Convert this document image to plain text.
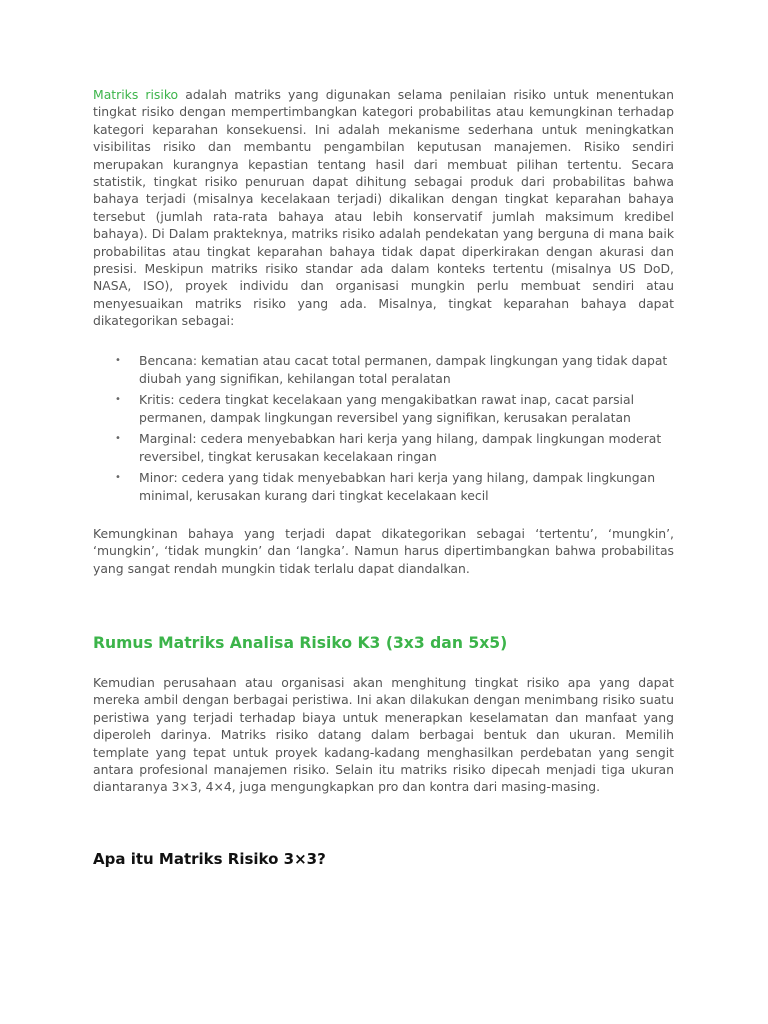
Matriks risiko adalah matriks yang digunakan selama penilaian risiko untuk menentukan tingkat risiko dengan mempertimbangkan kategori probabilitas atau kemungkinan terhadap kategori keparahan konsekuensi. Ini adalah mekanisme sederhana untuk meningkatkan visibilitas risiko dan membantu pengambilan keputusan manajemen. Risiko sendiri merupakan kurangnya kepastian tentang hasil dari membuat pilihan tertentu. Secara statistik, tingkat risiko penuruan dapat dihitung sebagai produk dari probabilitas bahwa bahaya terjadi (misalnya kecelakaan terjadi) dikalikan dengan tingkat keparahan bahaya tersebut (jumlah rata-rata bahaya atau lebih konservatif jumlah maksimum kredibel bahaya). Di Dalam prakteknya, matriks risiko adalah pendekatan yang berguna di mana baik probabilitas atau tingkat keparahan bahaya tidak dapat diperkirakan dengan akurasi dan presisi. Meskipun matriks risiko standar ada dalam konteks tertentu (misalnya US DoD, NASA, ISO), proyek individu dan organisasi mungkin perlu membuat sendiri atau menyesuaikan matriks risiko yang ada. Misalnya, tingkat keparahan bahaya dapat dikategorikan sebagai:

• Bencana: kematian atau cacat total permanen, dampak lingkungan yang tidak dapat diubah yang signifikan, kehilangan total peralatan
• Kritis: cedera tingkat kecelakaan yang mengakibatkan rawat inap, cacat parsial permanen, dampak lingkungan reversibel yang signifikan, kerusakan peralatan
• Marginal: cedera menyebabkan hari kerja yang hilang, dampak lingkungan moderat reversibel, tingkat kerusakan kecelakaan ringan
• Minor: cedera yang tidak menyebabkan hari kerja yang hilang, dampak lingkungan minimal, kerusakan kurang dari tingkat kecelakaan kecil

Kemungkinan bahaya yang terjadi dapat dikategorikan sebagai ‘tertentu’, ‘mungkin’, ‘mungkin’, ‘tidak mungkin’ dan ‘langka’. Namun harus dipertimbangkan bahwa probabilitas yang sangat rendah mungkin tidak terlalu dapat diandalkan.

Rumus Matriks Analisa Risiko K3 (3x3 dan 5x5)

Kemudian perusahaan atau organisasi akan menghitung tingkat risiko apa yang dapat mereka ambil dengan berbagai peristiwa. Ini akan dilakukan dengan menimbang risiko suatu peristiwa yang terjadi terhadap biaya untuk menerapkan keselamatan dan manfaat yang diperoleh darinya. Matriks risiko datang dalam berbagai bentuk dan ukuran. Memilih template yang tepat untuk proyek kadang-kadang menghasilkan perdebatan yang sengit antara profesional manajemen risiko. Selain itu matriks risiko dipecah menjadi tiga ukuran diantaranya 3×3, 4×4, juga mengungkapkan pro dan kontra dari masing-masing.

Apa itu Matriks Risiko 3×3?
